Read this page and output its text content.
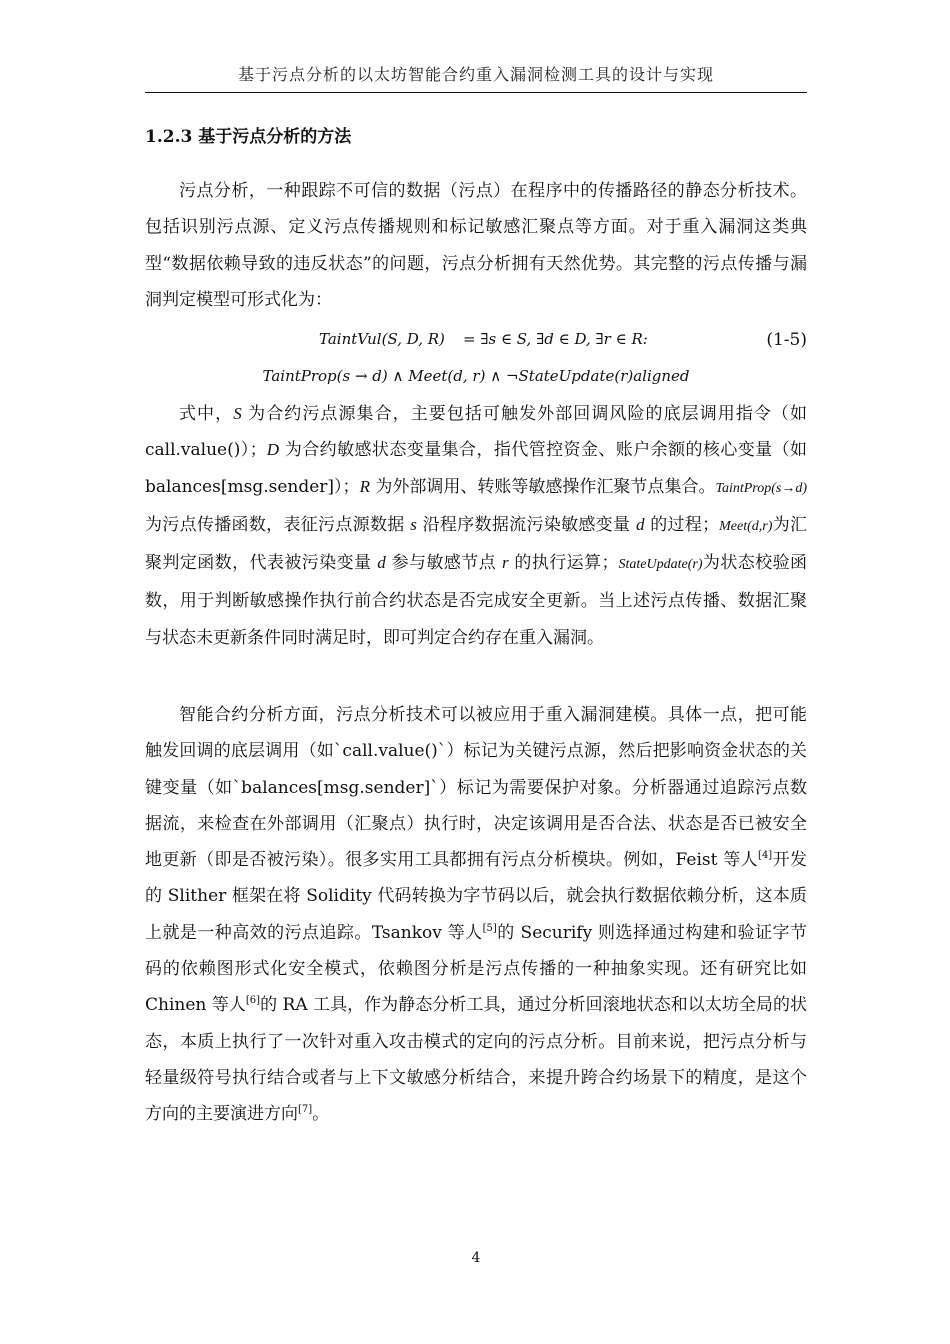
基于污点分析的以太坊智能合约重入漏洞检测工具的设计与实现
1.2.3 基于污点分析的方法

污点分析，一种跟踪不可信的数据（污点）在程序中的传播路径的静态分析技术。包括识别污点源、定义污点传播规则和标记敏感汇聚点等方面。对于重入漏洞这类典型“数据依赖导致的违反状态”的问题，污点分析拥有天然优势。其完整的污点传播与漏洞判定模型可形式化为：

TaintVul(S, D, R) = ∃s ∈ S, ∃d ∈ D, ∃r ∈ R:	(1-5)
TaintProp(s → d) ∧ Meet(d, r) ∧ ¬StateUpdate(r)aligned

式中，S 为合约污点源集合，主要包括可触发外部回调风险的底层调用指令（如 call.value()）；D 为合约敏感状态变量集合，指代管控资金、账户余额的核心变量（如 balances[msg.sender]）；R 为外部调用、转账等敏感操作汇聚节点集合。TaintProp(s→d)为污点传播函数，表征污点源数据 s 沿程序数据流污染敏感变量 d 的过程；Meet(d,r)为汇聚判定函数，代表被污染变量 d 参与敏感节点 r 的执行运算；StateUpdate(r)为状态校验函数，用于判断敏感操作执行前合约状态是否完成安全更新。当上述污点传播、数据汇聚与状态未更新条件同时满足时，即可判定合约存在重入漏洞。

智能合约分析方面，污点分析技术可以被应用于重入漏洞建模。具体一点，把可能触发回调的底层调用（如`call.value()`）标记为关键污点源，然后把影响资金状态的关键变量（如`balances[msg.sender]`）标记为需要保护对象。分析器通过追踪污点数据流，来检查在外部调用（汇聚点）执行时，决定该调用是否合法、状态是否已被安全地更新（即是否被污染）。很多实用工具都拥有污点分析模块。例如，Feist 等人[4]开发的 Slither 框架在将 Solidity 代码转换为字节码以后，就会执行数据依赖分析，这本质上就是一种高效的污点追踪。Tsankov 等人[5]的 Securify 则选择通过构建和验证字节码的依赖图形式化安全模式，依赖图分析是污点传播的一种抽象实现。还有研究比如 Chinen 等人[6]的 RA 工具，作为静态分析工具，通过分析回滚地状态和以太坊全局的状态，本质上执行了一次针对重入攻击模式的定向的污点分析。目前来说，把污点分析与轻量级符号执行结合或者与上下文敏感分析结合，来提升跨合约场景下的精度，是这个方向的主要演进方向[7]。

4
